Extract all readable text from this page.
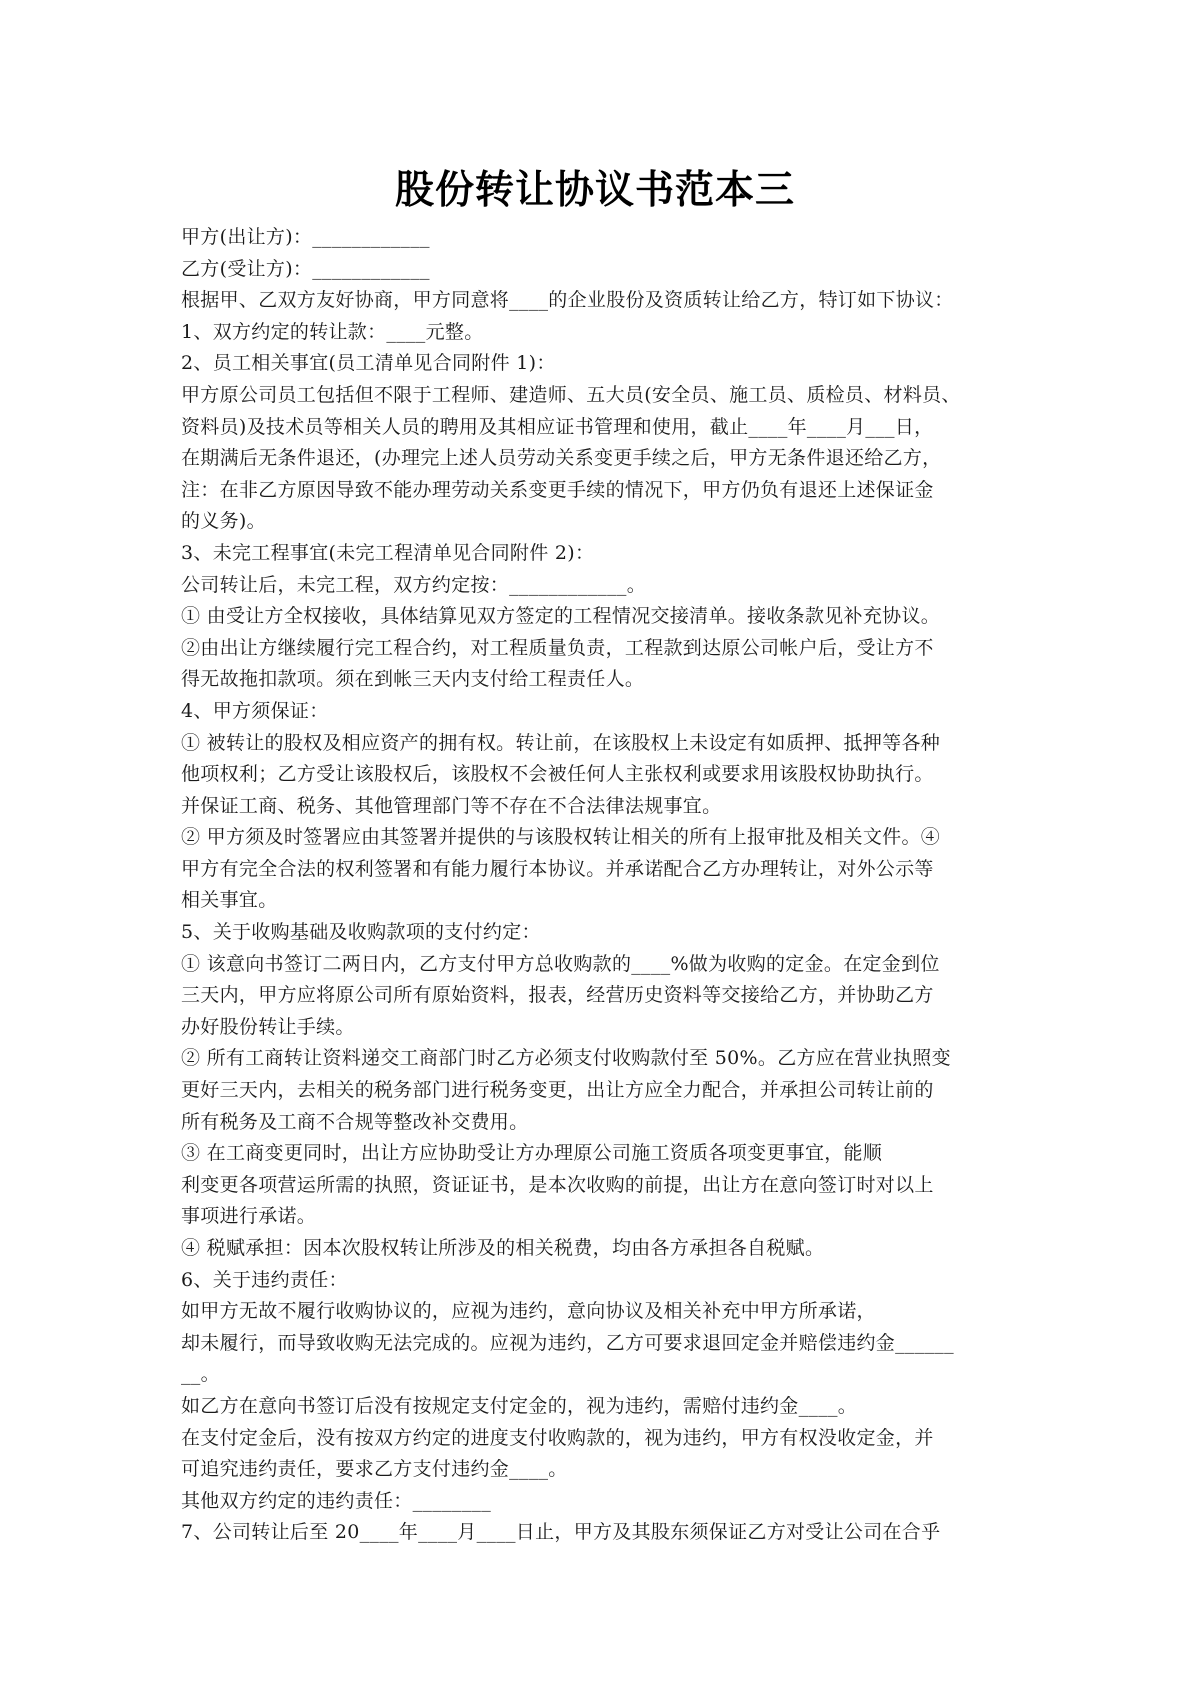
股份转让协议书范本三
甲方(出让方)：____________
乙方(受让方)：____________
根据甲、乙双方友好协商，甲方同意将____的企业股份及资质转让给乙方，特订如下协议：
1、双方约定的转让款：____元整。
2、员工相关事宜(员工清单见合同附件 1)：
甲方原公司员工包括但不限于工程师、建造师、五大员(安全员、施工员、质检员、材料员、
资料员)及技术员等相关人员的聘用及其相应证书管理和使用，截止____年____月___日，
在期满后无条件退还，(办理完上述人员劳动关系变更手续之后，甲方无条件退还给乙方，
注：在非乙方原因导致不能办理劳动关系变更手续的情况下，甲方仍负有退还上述保证金
的义务)。
3、未完工程事宜(未完工程清单见合同附件 2)：
公司转让后，未完工程，双方约定按：____________。
① 由受让方全权接收，具体结算见双方签定的工程情况交接清单。接收条款见补充协议。
②由出让方继续履行完工程合约，对工程质量负责，工程款到达原公司帐户后，受让方不
得无故拖扣款项。须在到帐三天内支付给工程责任人。
4、甲方须保证：
① 被转让的股权及相应资产的拥有权。转让前，在该股权上未设定有如质押、抵押等各种
他项权利；乙方受让该股权后，该股权不会被任何人主张权利或要求用该股权协助执行。
并保证工商、税务、其他管理部门等不存在不合法律法规事宜。
② 甲方须及时签署应由其签署并提供的与该股权转让相关的所有上报审批及相关文件。④
甲方有完全合法的权利签署和有能力履行本协议。并承诺配合乙方办理转让，对外公示等
相关事宜。
5、关于收购基础及收购款项的支付约定：
① 该意向书签订二两日内，乙方支付甲方总收购款的____%做为收购的定金。在定金到位
三天内，甲方应将原公司所有原始资料，报表，经营历史资料等交接给乙方，并协助乙方
办好股份转让手续。
② 所有工商转让资料递交工商部门时乙方必须支付收购款付至 50%。乙方应在营业执照变
更好三天内，去相关的税务部门进行税务变更，出让方应全力配合，并承担公司转让前的
所有税务及工商不合规等整改补交费用。
③ 在工商变更同时，出让方应协助受让方办理原公司施工资质各项变更事宜，能顺
利变更各项营运所需的执照，资证证书，是本次收购的前提，出让方在意向签订时对以上
事项进行承诺。
④ 税赋承担：因本次股权转让所涉及的相关税费，均由各方承担各自税赋。
6、关于违约责任：
如甲方无故不履行收购协议的，应视为违约，意向协议及相关补充中甲方所承诺，
却未履行，而导致收购无法完成的。应视为违约，乙方可要求退回定金并赔偿违约金______
__。
如乙方在意向书签订后没有按规定支付定金的，视为违约，需赔付违约金____。
在支付定金后，没有按双方约定的进度支付收购款的，视为违约，甲方有权没收定金，并
可追究违约责任，要求乙方支付违约金____。
其他双方约定的违约责任：________
7、公司转让后至 20____年____月____日止，甲方及其股东须保证乙方对受让公司在合乎
